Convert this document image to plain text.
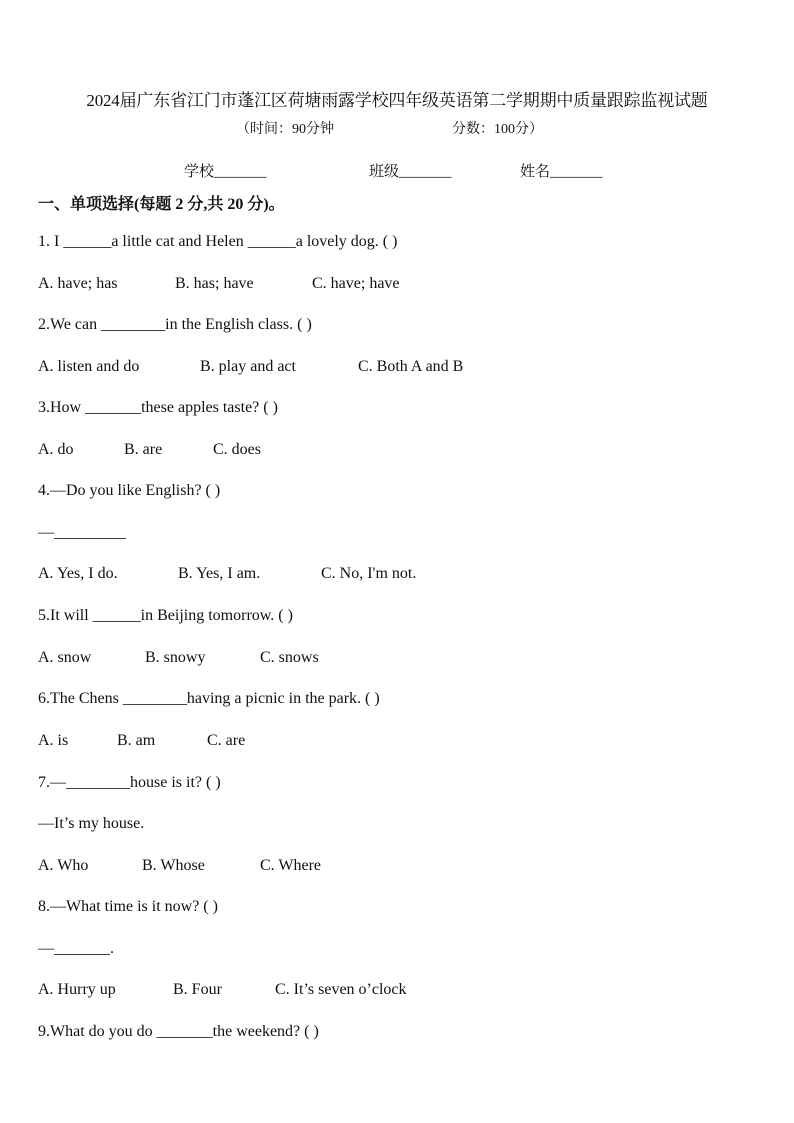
2024届广东省江门市蓬江区荷塘雨露学校四年级英语第二学期期中质量跟踪监视试题
（时间：90分钟	分数：100分）
学校_______	班级_______	姓名_______
一、单项选择(每题 2 分,共 20 分)。
1. I ______a little cat and Helen ______a lovely dog. ( )
A. have; has	B. has; have	C. have; have
2.We can ________in the English class. ( )
A. listen and do	B. play and act	C. Both A and B
3.How _______these apples taste? ( )
A. do	B. are	C. does
4.—Do you like English? ( )
—_________
A. Yes, I do.	B. Yes, I am.	C. No, I'm not.
5.It will ______in Beijing tomorrow. ( )
A. snow	B. snowy	C. snows
6.The Chens ________having a picnic in the park. ( )
A. is	B. am	C. are
7.—________house is it? ( )
—It’s my house.
A. Who	B. Whose	C. Where
8.—What time is it now? ( )
—_______.
A. Hurry up	B. Four	C. It’s seven o’clock
9.What do you do _______the weekend? ( )
